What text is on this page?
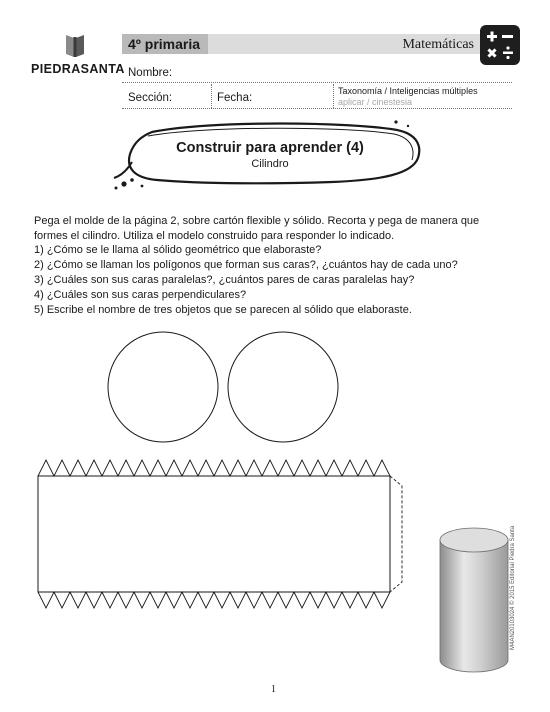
PIEDRASANTA
4º primaria	Matemáticas
Nombre:
Sección:	Fecha:
Taxonomía / Inteligencias múltiples
aplicar / cinestesia
Construir para aprender (4)
Cilindro
Pega el molde de la página 2, sobre cartón flexible y sólido. Recorta y pega de manera que formes el cilindro. Utiliza el modelo construido para responder lo indicado.
1) ¿Cómo se le llama al sólido geométrico que elaboraste?
2) ¿Cómo se llaman los polígonos que forman sus caras?, ¿cuántos hay de cada uno?
3) ¿Cuáles son sus caras paralelas?, ¿cuántos pares de caras paralelas hay?
4) ¿Cuáles son sus caras perpendiculares?
5) Escribe el nombre de tres objetos que se parecen al sólido que elaboraste.
M4AN20103024 © 2015 Editorial Piedra Santa
1
